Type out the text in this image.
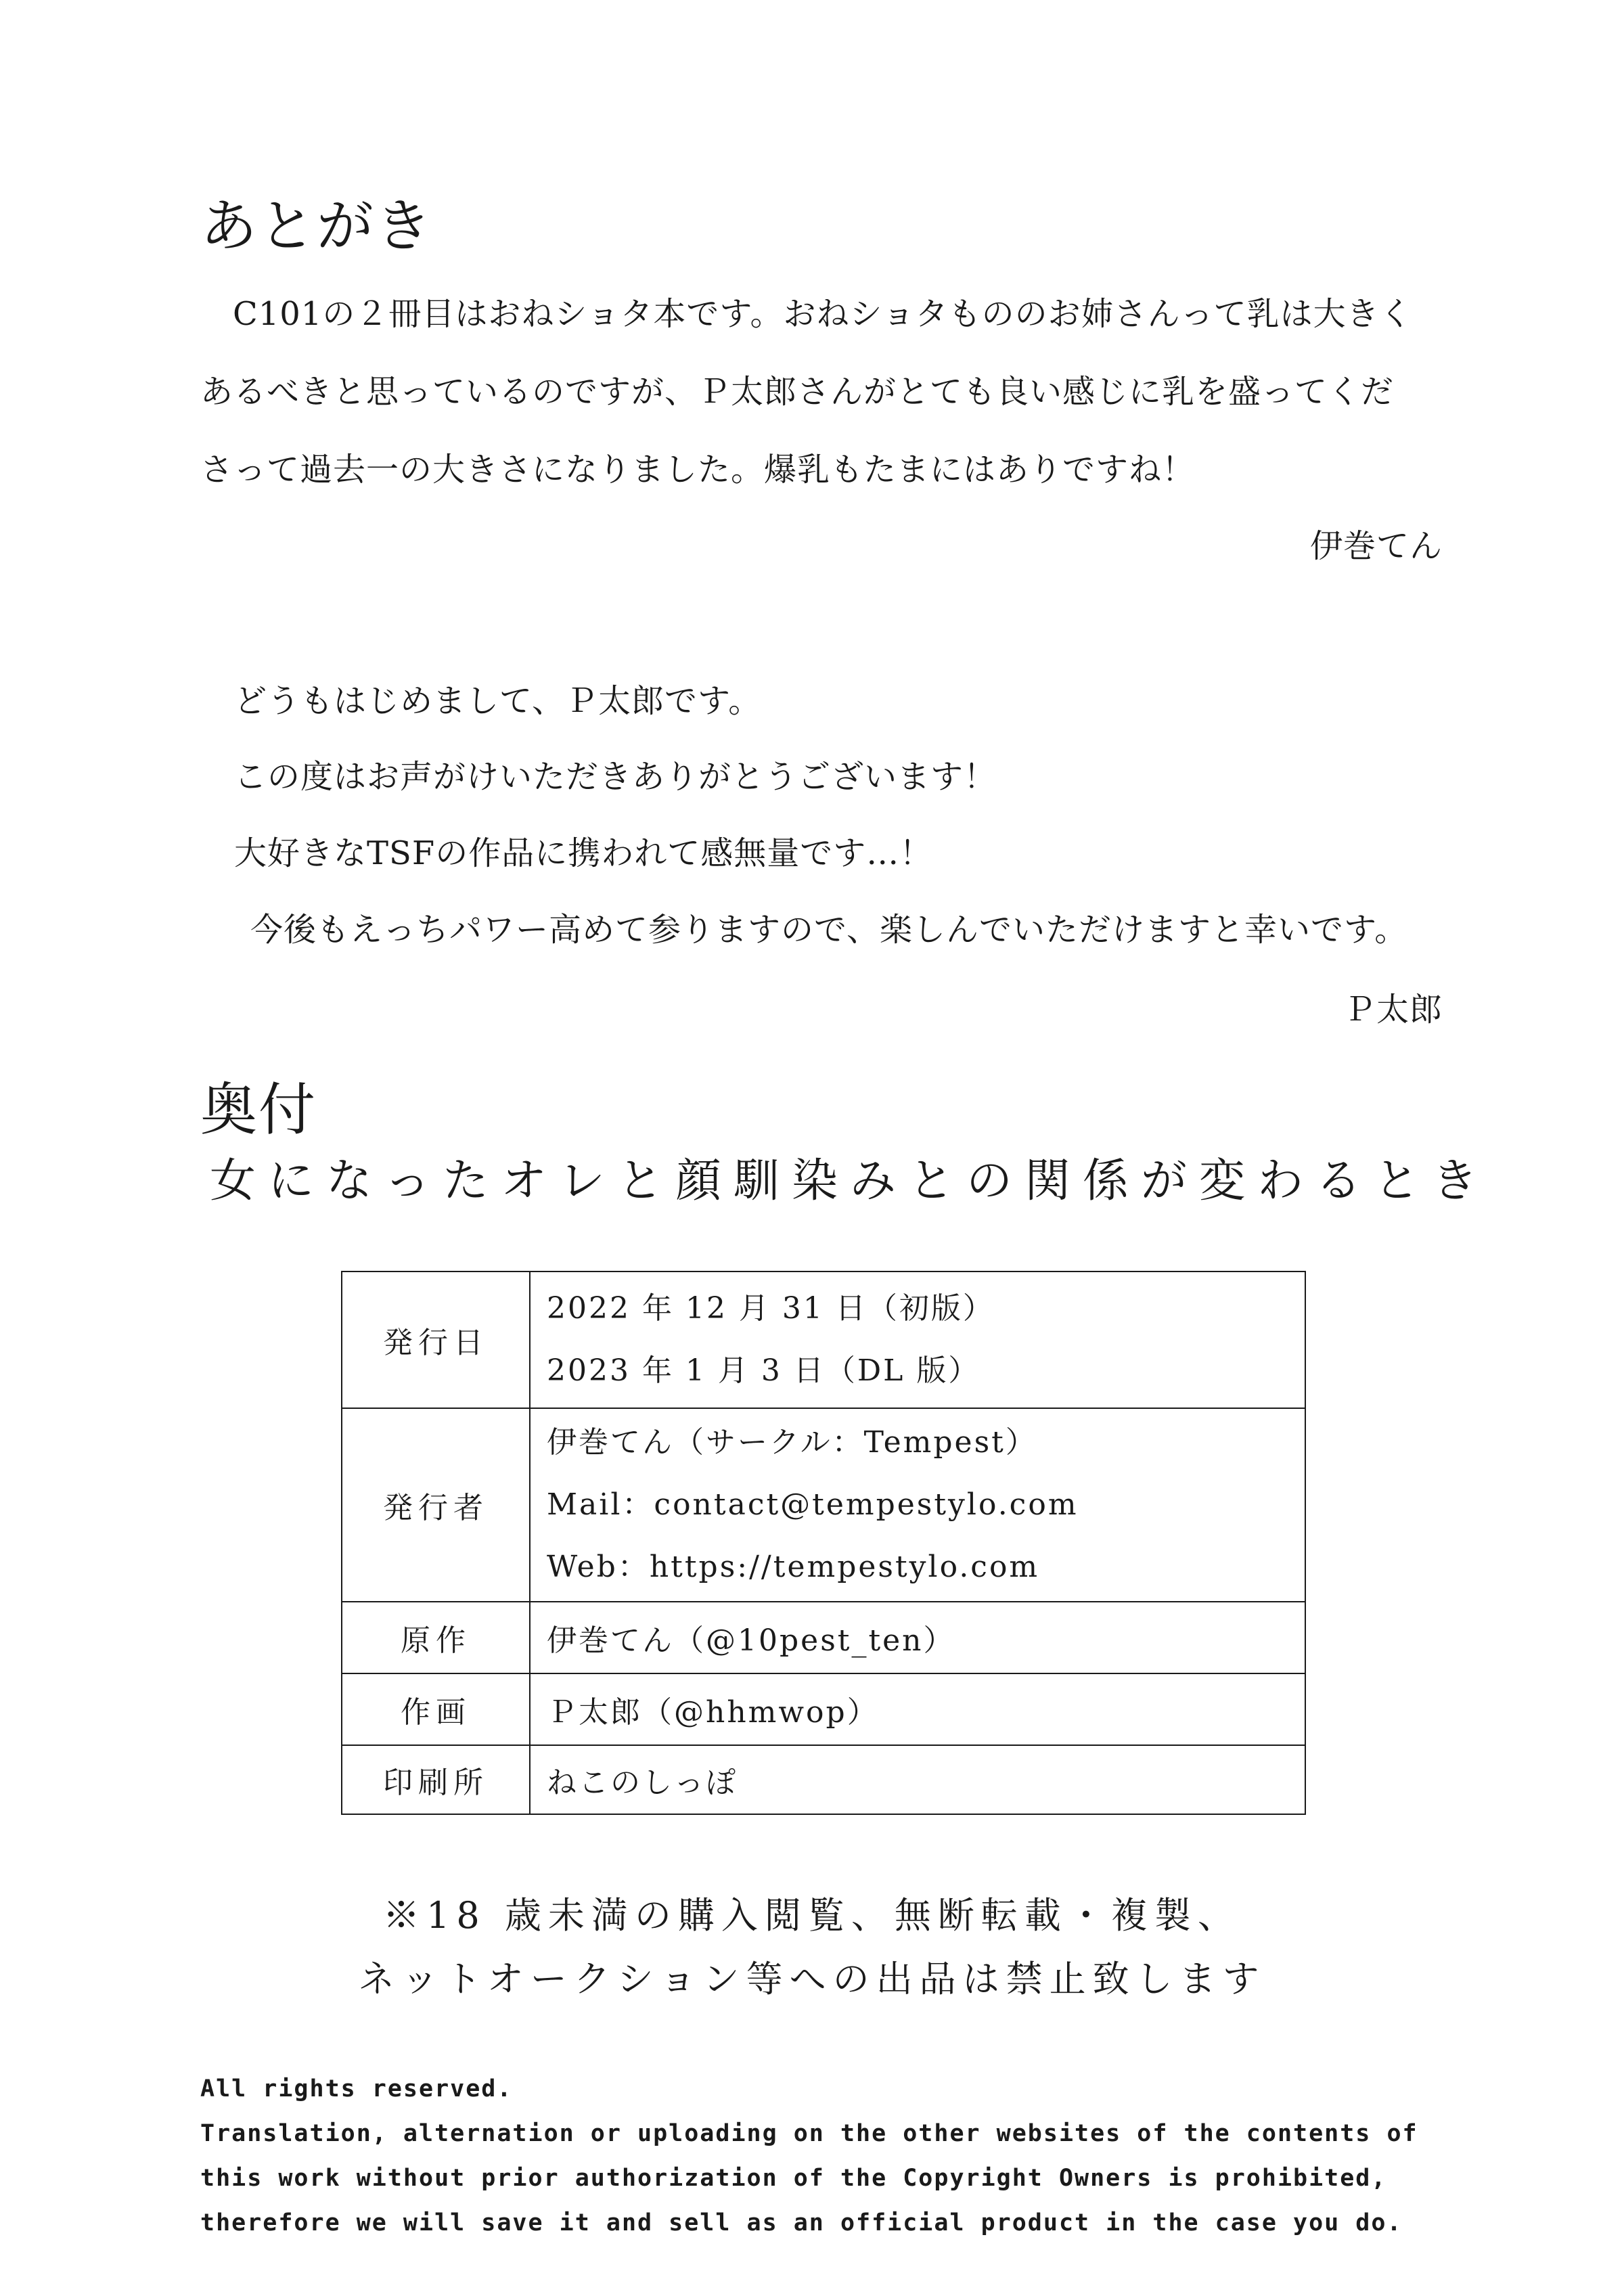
あとがき
C101の２冊目はおねショタ本です。おねショタもののお姉さんって乳は大きく
あるべきと思っているのですが、Ｐ太郎さんがとても良い感じに乳を盛ってくだ
さって過去一の大きさになりました。爆乳もたまにはありですね！
伊巻てん
どうもはじめまして、Ｐ太郎です。
この度はお声がけいただきありがとうございます！
大好きなTSFの作品に携われて感無量です…！
今後もえっちパワー高めて参りますので、楽しんでいただけますと幸いです。
Ｐ太郎
奥付
女になったオレと顔馴染みとの関係が変わるとき
発行日	2022 年 12 月 31 日（初版）
2023 年 1 月 3 日（DL 版）

発行者	伊巻てん（サークル：Tempest）
Mail：contact@tempestylo.com
Web：https://tempestylo.com

原作	伊巻てん（@10pest_ten）
作画	Ｐ太郎（@hhmwop）
印刷所	ねこのしっぽ
※18 歳未満の購入閲覧、無断転載・複製、
ネットオークション等への出品は禁止致します
All rights reserved.
Translation, alternation or uploading on the other websites of the contents of
this work without prior authorization of the Copyright Owners is prohibited,
therefore we will save it and sell as an official product in the case you do.
